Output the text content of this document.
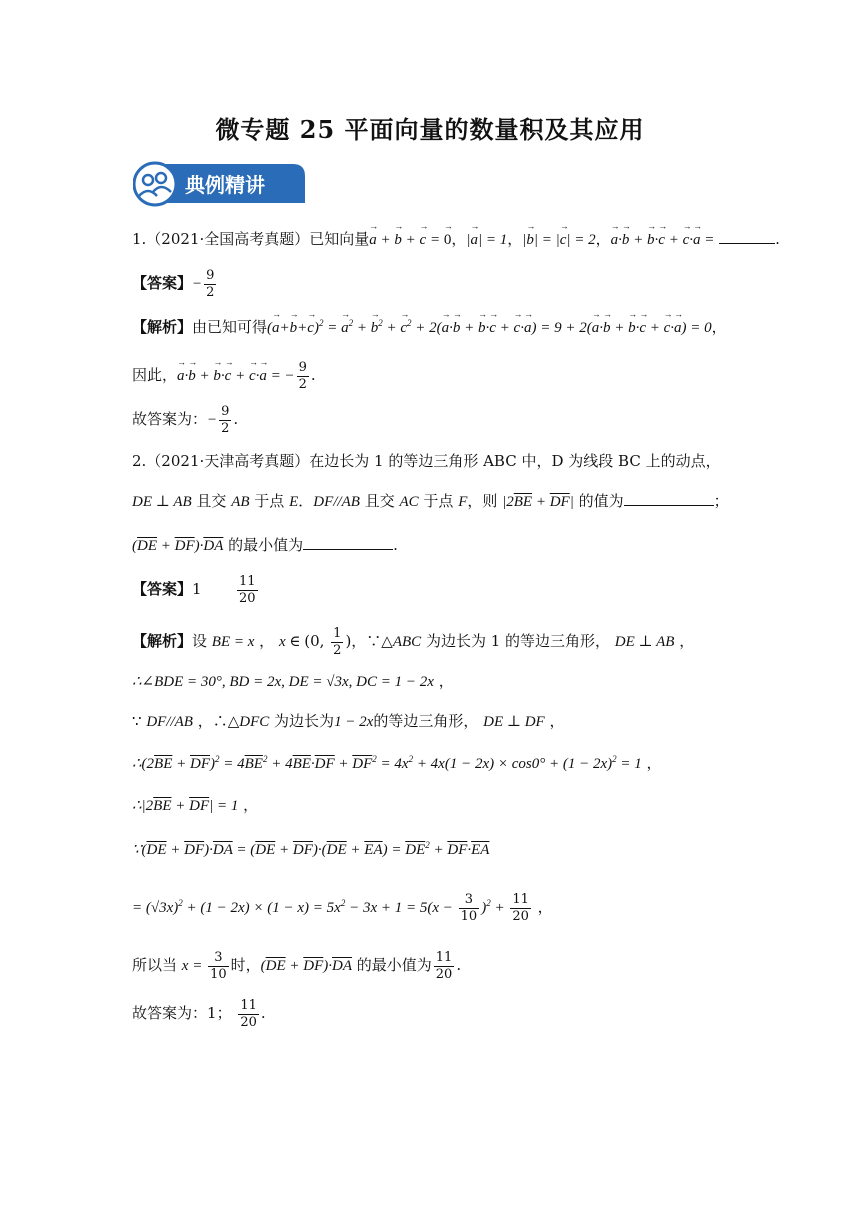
微专题 25 平面向量的数量积及其应用
典例精讲
1.（2021·全国高考真题）已知向量→ a + → b + → c = → 0，|→ a| = 1，|→ b| = |→ c| = 2，→ a·→ b + → b·→ c + → c·→ a =	.
【答案】− $\frac{9}{2}$
【解析】由已知可得(→ a+→ b+→ c)$^2$ = → $a^2$ + → $b^2$ + → $c^2 + 2(\to a\cdot\to b$ + → b·→ c + → c·→ a) = 9 + 2(→ a·→ b + → b·→ c + → c·→ a) = 0，
因此，→ a·→ b + → b·→ c + → c·→ a = − $\frac{9}{2}$ .
故答案为：− $\frac{9}{2}$ .
2.（2021·天津高考真题）在边长为 1 的等边三角形 ABC 中，D 为线段 BC 上的动点，
DE ⊥ AB 且交 AB 于点 E．DF//AB 且交 AC 于点 F，则 $|2\overline{BE} + \overline{DF}|$ 的值为	；
$(\overline{DE} + \overline{DF})\cdot\overline{DA}$ 的最小值为	.
【答案】1	$\frac{11}{20}$
【解析】设 BE = x ， x ∈ (0, $\frac{1}{2}$ )，∵△ABC 为边长为 1 的等边三角形， DE ⊥ AB ，
∴∠BDE = 30°, BD = 2x, DE = √3x, DC = 1 − 2x ，
∵ DF//AB ，∴△DFC 为边长为1 − 2x的等边三角形， DE ⊥ DF ，
$\therefore(2\overline{BE} + \overline{DF})^2 = 4\overline{BE}^2 + 4\overline{BE}\cdot\overline{DF} + \overline{DF}^2 = 4x^2 + 4x(1 - 2x) \times \cos 0^\circ + (1 - 2x)^2 = 1$ ，
$\therefore|2\overline{BE} + \overline{DF}| = 1$ ，
$\because(\overline{DE} + \overline{DF})\cdot\overline{DA} = (\overline{DE} + \overline{DF})\cdot(\overline{DE} + \overline{EA}) = \overline{DE}^2 + \overline{DF}\cdot\overline{EA}$
= $(√3x)^2 + (1 - 2x) \times (1 - x) = 5x^2 - 3x + 1 = 5(x - \frac{3}{10} )^2 + \frac{11}{20}$ ，
所以当 $x = \frac{3}{10}$ 时，$(\overline{DE} + \overline{DF})\cdot\overline{DA}$ 的最小值为 $\frac{11}{20}$ .
故答案为：1； $\frac{11}{20}$ .
